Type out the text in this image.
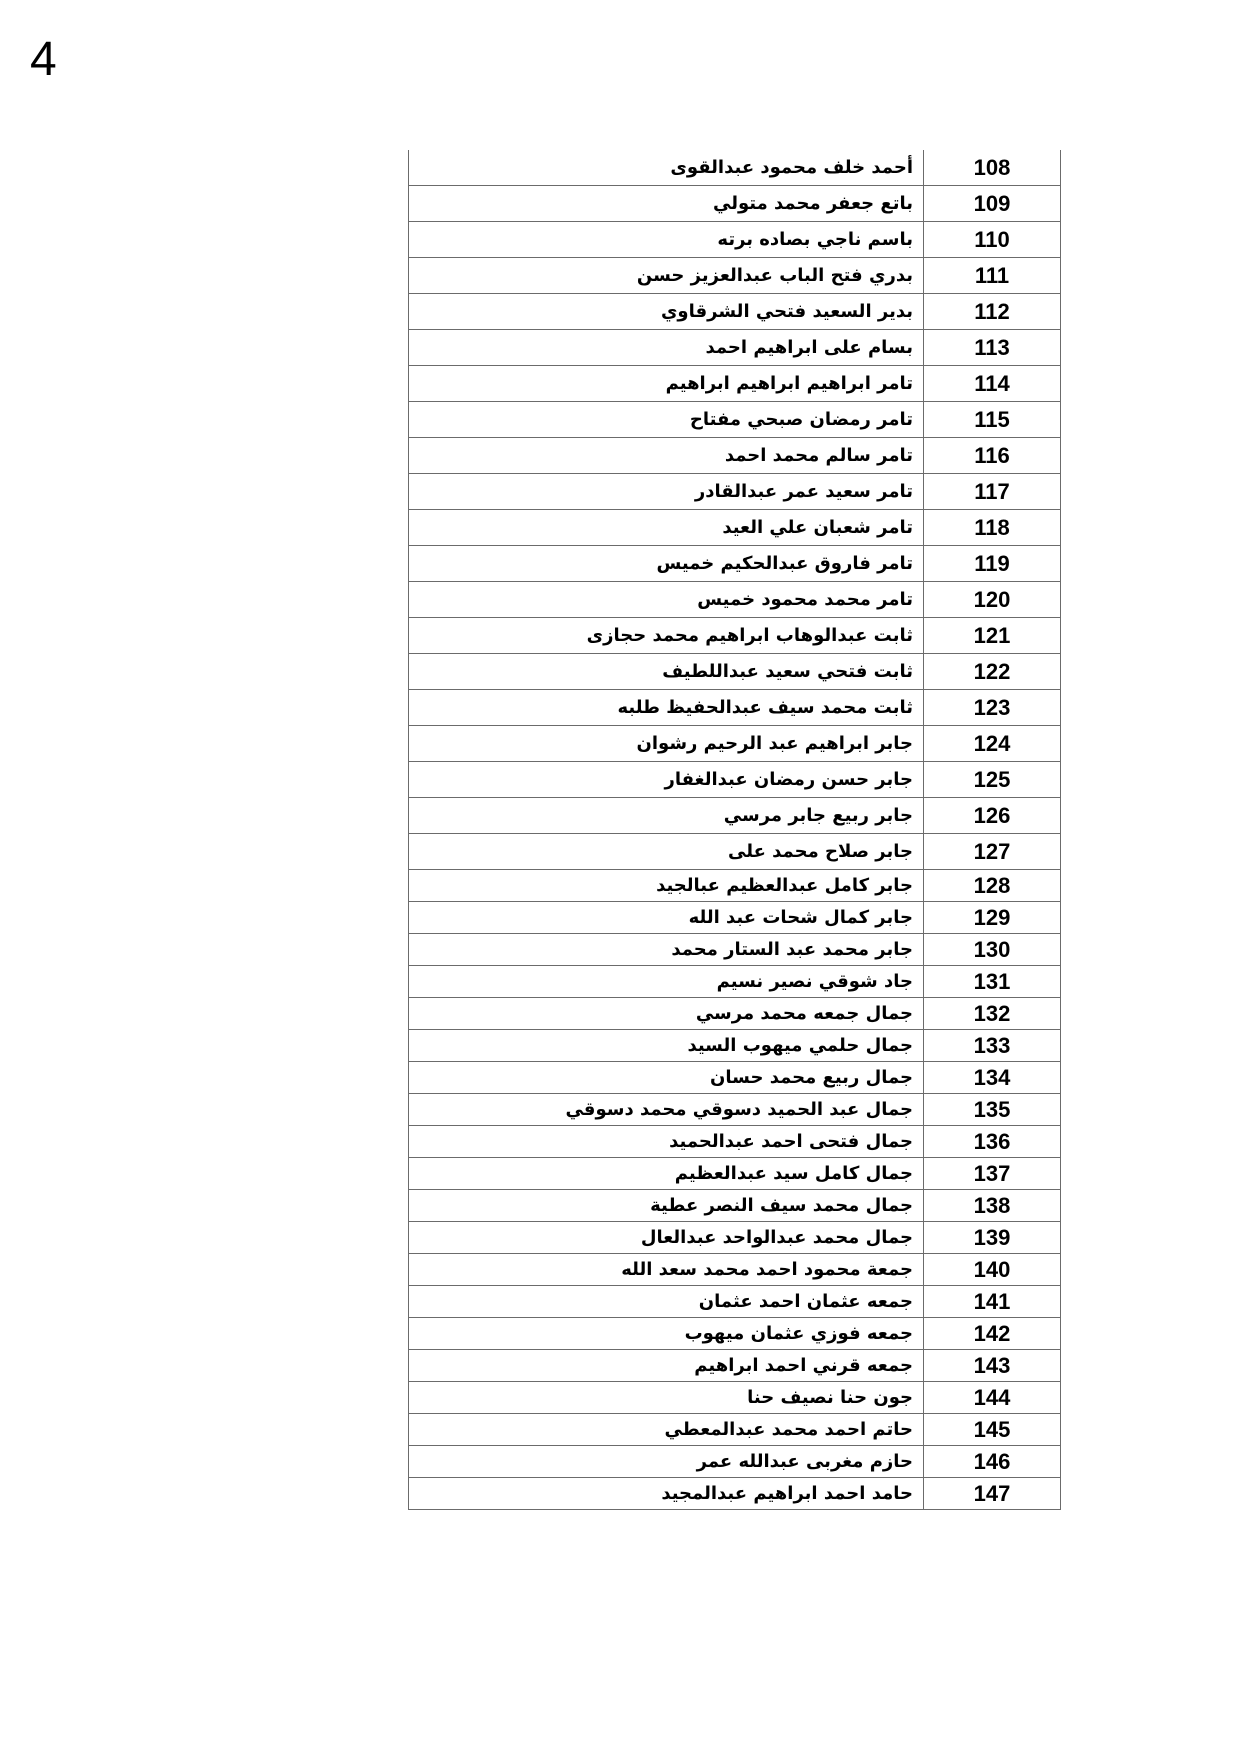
4
108	أحمد خلف محمود عبدالقوى
109	باتع جعفر محمد متولي
110	باسم ناجي بصاده برته
111	بدري فتح الباب عبدالعزيز حسن
112	بدير السعيد فتحي الشرقاوي
113	بسام على ابراهيم احمد
114	تامر ابراهيم ابراهيم ابراهيم
115	تامر رمضان صبحي مفتاح
116	تامر سالم محمد احمد
117	تامر سعيد عمر عبدالقادر
118	تامر شعبان علي العيد
119	تامر فاروق عبدالحكيم خميس
120	تامر محمد محمود خميس
121	ثابت عبدالوهاب ابراهيم محمد حجازى
122	ثابت فتحي سعيد عبداللطيف
123	ثابت محمد سيف عبدالحفيظ طلبه
124	جابر ابراهيم عبد الرحيم رشوان
125	جابر حسن رمضان عبدالغفار
126	جابر ربيع جابر مرسي
127	جابر صلاح محمد على
128	جابر كامل عبدالعظيم عبالجيد
129	جابر كمال شحات عبد الله
130	جابر محمد عبد الستار محمد
131	جاد شوقي نصير نسيم
132	جمال جمعه محمد مرسي
133	جمال حلمي ميهوب السيد
134	جمال ربيع محمد حسان
135	جمال عبد الحميد دسوقي محمد دسوقي
136	جمال فتحى احمد عبدالحميد
137	جمال كامل سيد عبدالعظيم
138	جمال محمد سيف النصر عطية
139	جمال محمد عبدالواحد عبدالعال
140	جمعة محمود احمد محمد سعد الله
141	جمعه عثمان احمد عثمان
142	جمعه فوزي عثمان ميهوب
143	جمعه قرني احمد ابراهيم
144	جون حنا نصيف حنا
145	حاتم احمد محمد عبدالمعطي
146	حازم مغربى عبدالله عمر
147	حامد احمد ابراهيم عبدالمجيد
